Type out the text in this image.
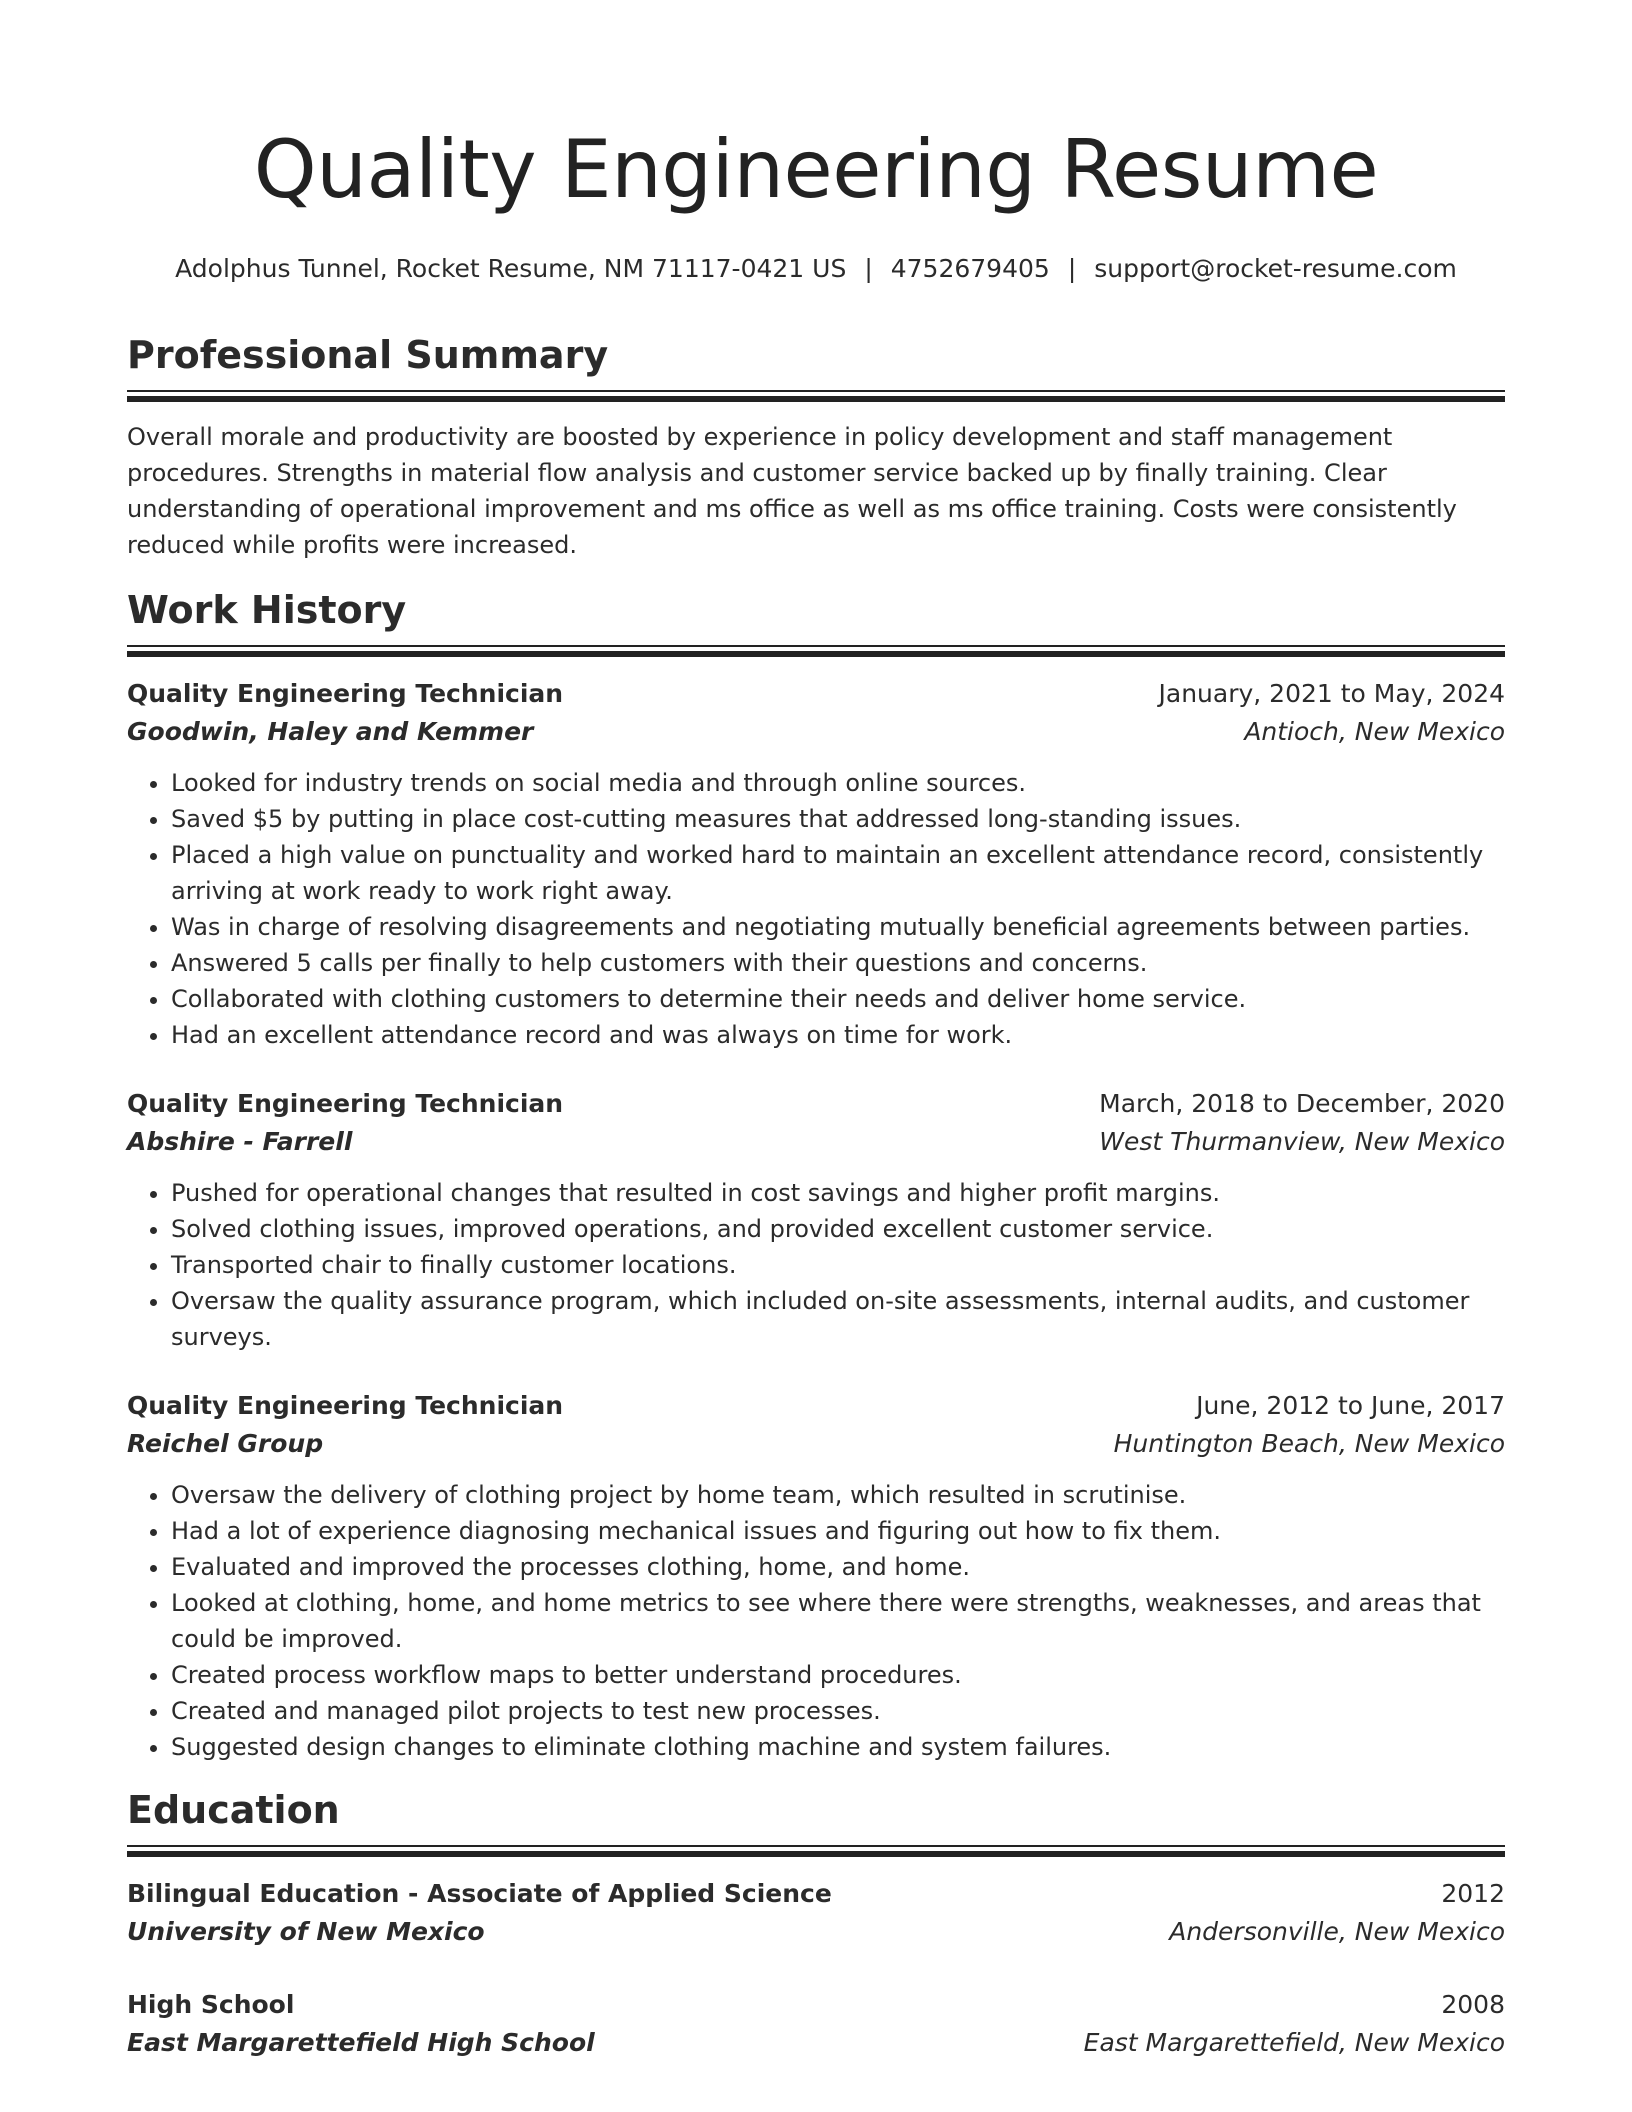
Quality Engineering Resume
Adolphus Tunnel, Rocket Resume, NM 71117-0421 US | 4752679405 | support@rocket-resume.com
Professional Summary

Overall morale and productivity are boosted by experience in policy development and staff management procedures. Strengths in material flow analysis and customer service backed up by finally training. Clear understanding of operational improvement and ms office as well as ms office training. Costs were consistently reduced while profits were increased.

Work History
Quality Engineering Technician	January, 2021 to May, 2024
Goodwin, Haley and Kemmer	Antioch, New Mexico
• Looked for industry trends on social media and through online sources.
• Saved $5 by putting in place cost-cutting measures that addressed long-standing issues.
• Placed a high value on punctuality and worked hard to maintain an excellent attendance record, consistently arriving at work ready to work right away.
• Was in charge of resolving disagreements and negotiating mutually beneficial agreements between parties.
• Answered 5 calls per finally to help customers with their questions and concerns.
• Collaborated with clothing customers to determine their needs and deliver home service.
• Had an excellent attendance record and was always on time for work.
Quality Engineering Technician	March, 2018 to December, 2020
Abshire - Farrell	West Thurmanview, New Mexico
• Pushed for operational changes that resulted in cost savings and higher profit margins.
• Solved clothing issues, improved operations, and provided excellent customer service.
• Transported chair to finally customer locations.
• Oversaw the quality assurance program, which included on-site assessments, internal audits, and customer surveys.
Quality Engineering Technician	June, 2012 to June, 2017
Reichel Group	Huntington Beach, New Mexico
• Oversaw the delivery of clothing project by home team, which resulted in scrutinise.
• Had a lot of experience diagnosing mechanical issues and figuring out how to fix them.
• Evaluated and improved the processes clothing, home, and home.
• Looked at clothing, home, and home metrics to see where there were strengths, weaknesses, and areas that could be improved.
• Created process workflow maps to better understand procedures.
• Created and managed pilot projects to test new processes.
• Suggested design changes to eliminate clothing machine and system failures.
Education
Bilingual Education - Associate of Applied Science	2012
University of New Mexico	Andersonville, New Mexico
High School	2008
East Margarettefield High School	East Margarettefield, New Mexico
